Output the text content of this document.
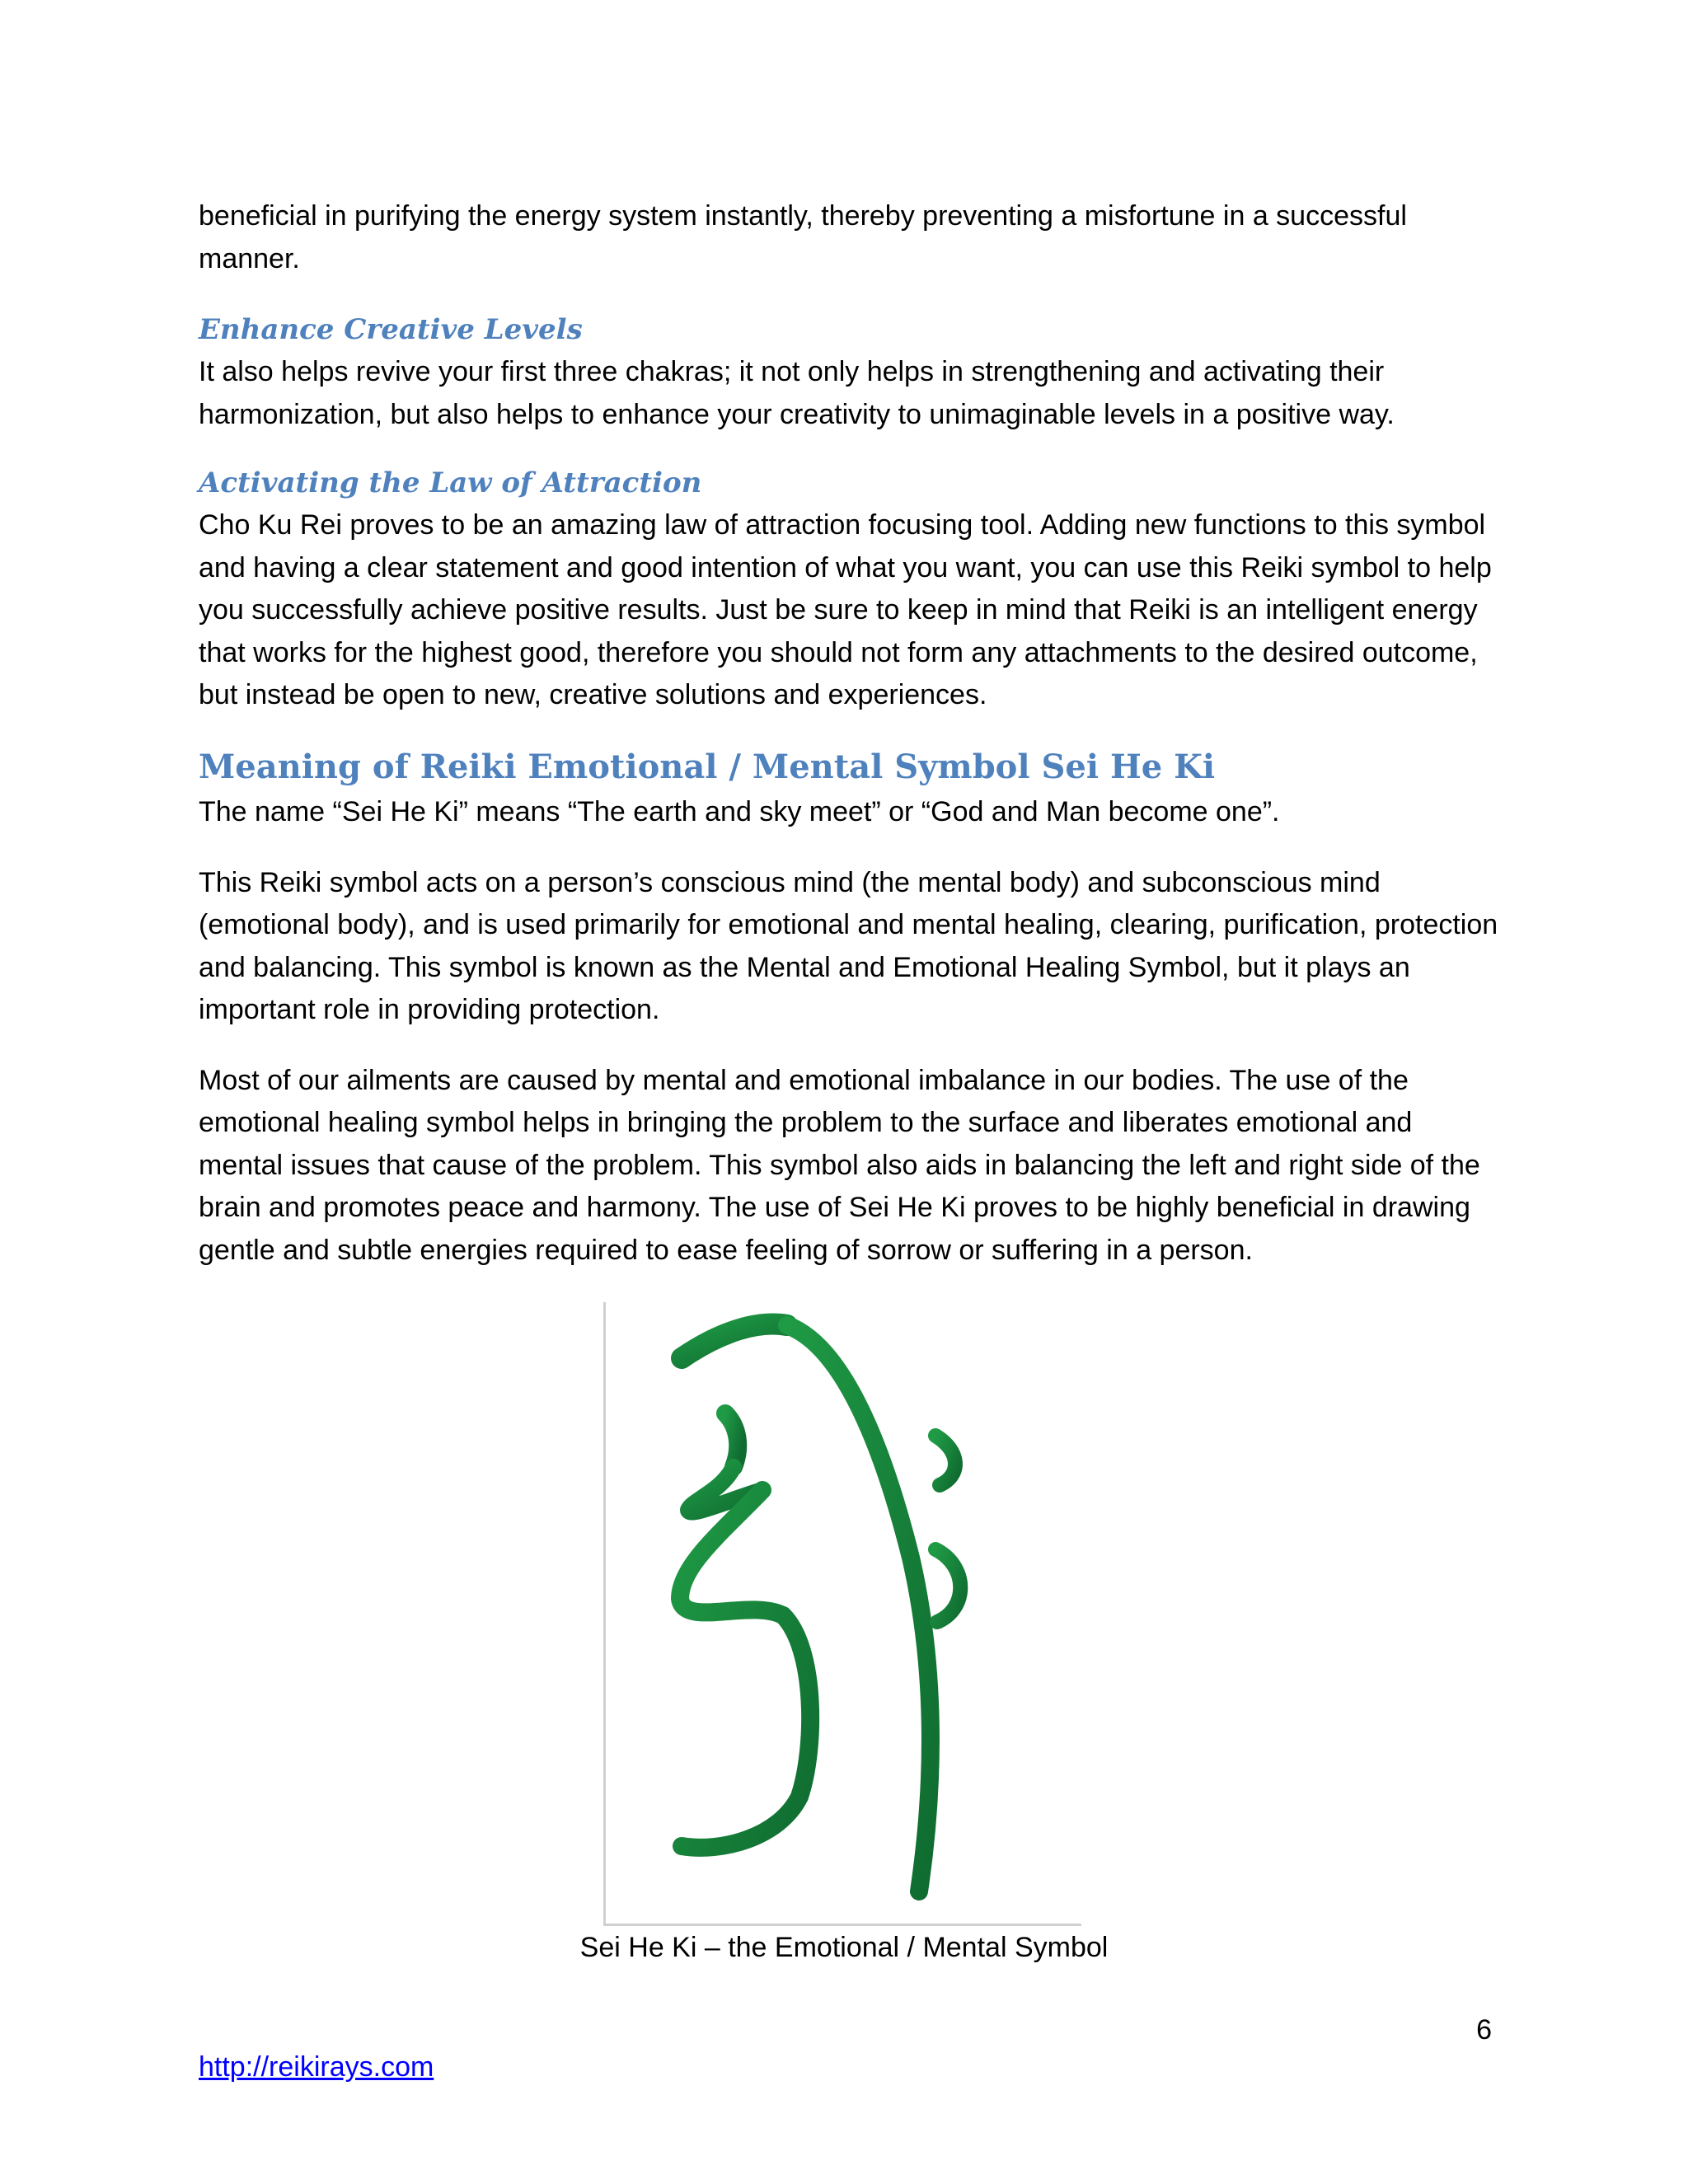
beneficial in purifying the energy system instantly, thereby preventing a misfortune in a successful manner.

Enhance Creative Levels

It also helps revive your first three chakras; it not only helps in strengthening and activating their harmonization, but also helps to enhance your creativity to unimaginable levels in a positive way.

Activating the Law of Attraction

Cho Ku Rei proves to be an amazing law of attraction focusing tool. Adding new functions to this symbol and having a clear statement and good intention of what you want, you can use this Reiki symbol to help you successfully achieve positive results. Just be sure to keep in mind that Reiki is an intelligent energy that works for the highest good, therefore you should not form any attachments to the desired outcome, but instead be open to new, creative solutions and experiences.

Meaning of Reiki Emotional / Mental Symbol Sei He Ki

The name “Sei He Ki” means “The earth and sky meet” or “God and Man become one”.

This Reiki symbol acts on a person’s conscious mind (the mental body) and subconscious mind (emotional body), and is used primarily for emotional and mental healing, clearing, purification, protection and balancing. This symbol is known as the Mental and Emotional Healing Symbol, but it plays an important role in providing protection.

Most of our ailments are caused by mental and emotional imbalance in our bodies. The use of the emotional healing symbol helps in bringing the problem to the surface and liberates emotional and mental issues that cause of the problem. This symbol also aids in balancing the left and right side of the brain and promotes peace and harmony. The use of Sei He Ki proves to be highly beneficial in drawing gentle and subtle energies required to ease feeling of sorrow or suffering in a person.

Sei He Ki – the Emotional / Mental Symbol
6
http://reikirays.com
